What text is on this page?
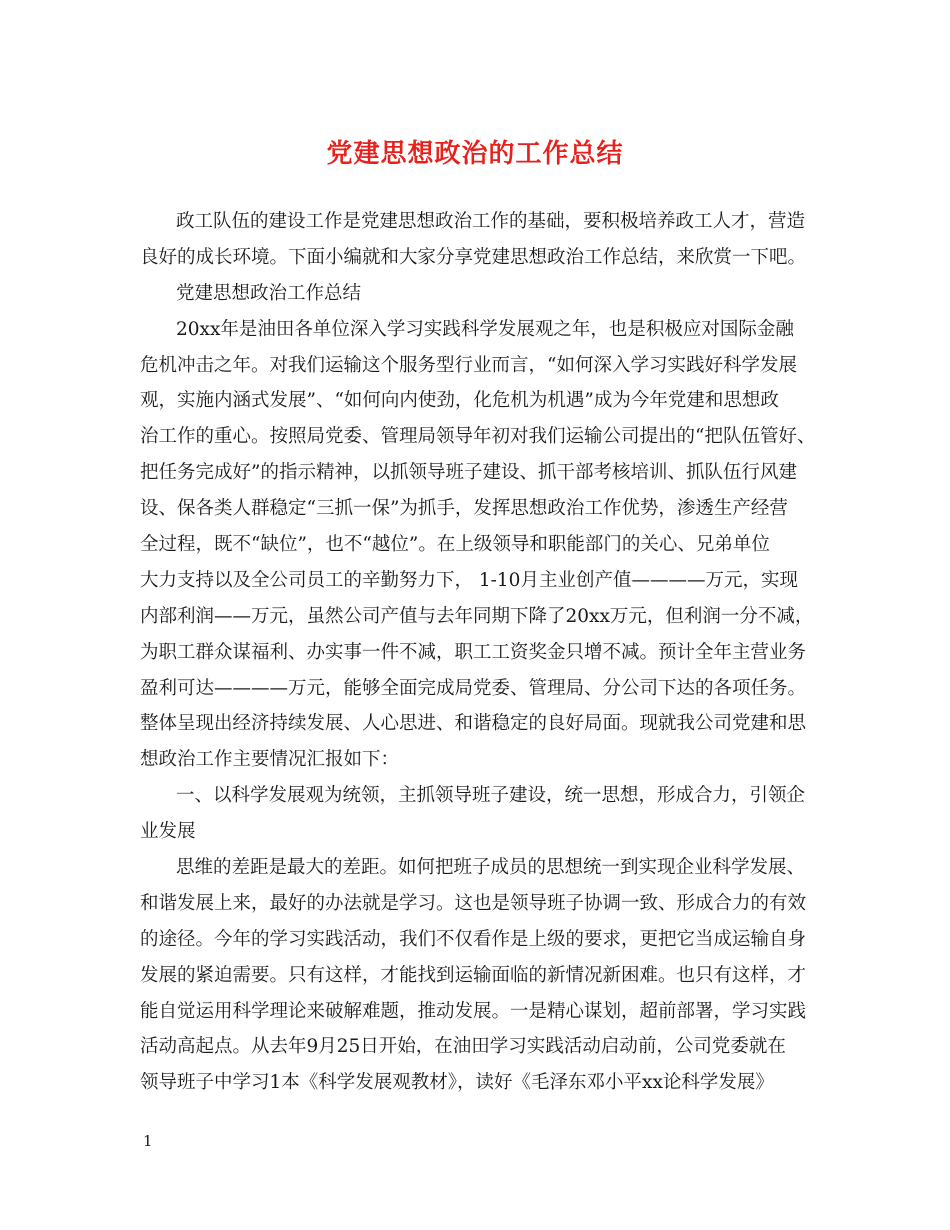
党建思想政治的工作总结
政工队伍的建设工作是党建思想政治工作的基础，要积极培养政工人才，营造
良好的成长环境。下面小编就和大家分享党建思想政治工作总结，来欣赏一下吧。
党建思想政治工作总结
20xx年是油田各单位深入学习实践科学发展观之年，也是积极应对国际金融
危机冲击之年。对我们运输这个服务型行业而言，“如何深入学习实践好科学发展
观，实施内涵式发展”、“如何向内使劲，化危机为机遇”成为今年党建和思想政
治工作的重心。按照局党委、管理局领导年初对我们运输公司提出的“把队伍管好、
把任务完成好”的指示精神，以抓领导班子建设、抓干部考核培训、抓队伍行风建
设、保各类人群稳定“三抓一保”为抓手，发挥思想政治工作优势，渗透生产经营
全过程，既不“缺位”，也不“越位”。在上级领导和职能部门的关心、兄弟单位
大力支持以及全公司员工的辛勤努力下， 1-10月主业创产值————万元，实现
内部利润——万元，虽然公司产值与去年同期下降了20xx万元，但利润一分不减，
为职工群众谋福利、办实事一件不减，职工工资奖金只增不减。预计全年主营业务
盈利可达————万元，能够全面完成局党委、管理局、分公司下达的各项任务。
整体呈现出经济持续发展、人心思进、和谐稳定的良好局面。现就我公司党建和思
想政治工作主要情况汇报如下：
一、以科学发展观为统领，主抓领导班子建设，统一思想，形成合力，引领企
业发展
思维的差距是最大的差距。如何把班子成员的思想统一到实现企业科学发展、
和谐发展上来，最好的办法就是学习。这也是领导班子协调一致、形成合力的有效
的途径。今年的学习实践活动，我们不仅看作是上级的要求，更把它当成运输自身
发展的紧迫需要。只有这样，才能找到运输面临的新情况新困难。也只有这样，才
能自觉运用科学理论来破解难题，推动发展。一是精心谋划，超前部署，学习实践
活动高起点。从去年9月25日开始，在油田学习实践活动启动前，公司党委就在
领导班子中学习1本《科学发展观教材》，读好《毛泽东邓小平xx论科学发展》
1
